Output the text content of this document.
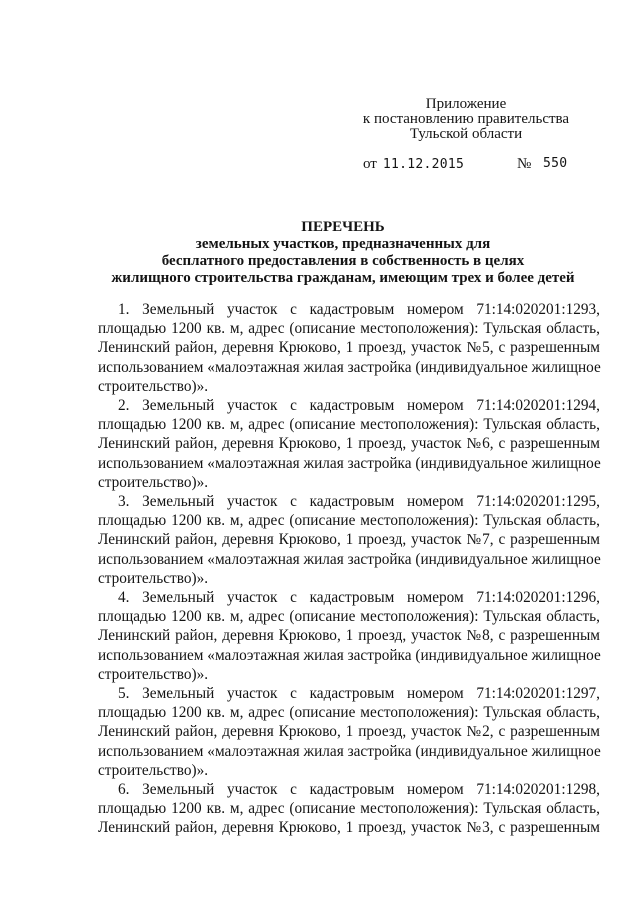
Приложение
к постановлению правительства
Тульской области
от 11.12.2015	№ 550
ПЕРЕЧЕНЬ
земельных участков, предназначенных для
бесплатного предоставления в собственность в целях
жилищного строительства гражданам, имеющим трех и более детей
1. Земельный участок с кадастровым номером 71:14:020201:1293,
площадью 1200 кв. м, адрес (описание местоположения): Тульская область,
Ленинский район, деревня Крюково, 1 проезд, участок №5, с разрешенным
использованием «малоэтажная жилая застройка (индивидуальное жилищное
строительство)».
2. Земельный участок с кадастровым номером 71:14:020201:1294,
площадью 1200 кв. м, адрес (описание местоположения): Тульская область,
Ленинский район, деревня Крюково, 1 проезд, участок №6, с разрешенным
использованием «малоэтажная жилая застройка (индивидуальное жилищное
строительство)».
3. Земельный участок с кадастровым номером 71:14:020201:1295,
площадью 1200 кв. м, адрес (описание местоположения): Тульская область,
Ленинский район, деревня Крюково, 1 проезд, участок №7, с разрешенным
использованием «малоэтажная жилая застройка (индивидуальное жилищное
строительство)».
4. Земельный участок с кадастровым номером 71:14:020201:1296,
площадью 1200 кв. м, адрес (описание местоположения): Тульская область,
Ленинский район, деревня Крюково, 1 проезд, участок №8, с разрешенным
использованием «малоэтажная жилая застройка (индивидуальное жилищное
строительство)».
5. Земельный участок с кадастровым номером 71:14:020201:1297,
площадью 1200 кв. м, адрес (описание местоположения): Тульская область,
Ленинский район, деревня Крюково, 1 проезд, участок №2, с разрешенным
использованием «малоэтажная жилая застройка (индивидуальное жилищное
строительство)».
6. Земельный участок с кадастровым номером 71:14:020201:1298,
площадью 1200 кв. м, адрес (описание местоположения): Тульская область,
Ленинский район, деревня Крюково, 1 проезд, участок №3, с разрешенным
